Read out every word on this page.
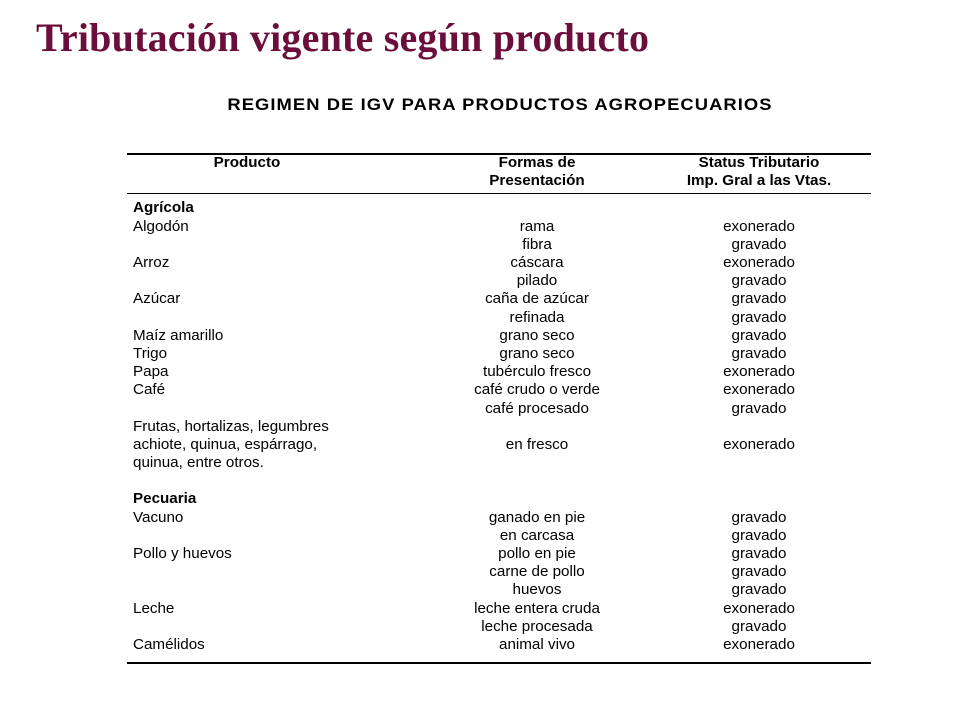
Tributación vigente según producto
REGIMEN DE IGV PARA PRODUCTOS AGROPECUARIOS
Producto	Formas de	Status Tributario
	Presentación	Imp. Gral a las Vtas.

Agrícola		
Algodón	rama	exonerado
	fibra	gravado
Arroz	cáscara	exonerado
	pilado	gravado
Azúcar	caña de azúcar	gravado
	refinada	gravado
Maíz amarillo	grano seco	gravado
Trigo	grano seco	gravado
Papa	tubérculo fresco	exonerado
Café	café crudo o verde	exonerado
	café procesado	gravado
Frutas, hortalizas, legumbres		
achiote, quinua, espárrago,	en fresco	exonerado
quinua, entre otros.		

Pecuaria		
Vacuno	ganado en pie	gravado
	en carcasa	gravado
Pollo y huevos	pollo en pie	gravado
	carne de pollo	gravado
	huevos	gravado
Leche	leche entera cruda	exonerado
	leche procesada	gravado
Camélidos	animal vivo	exonerado
